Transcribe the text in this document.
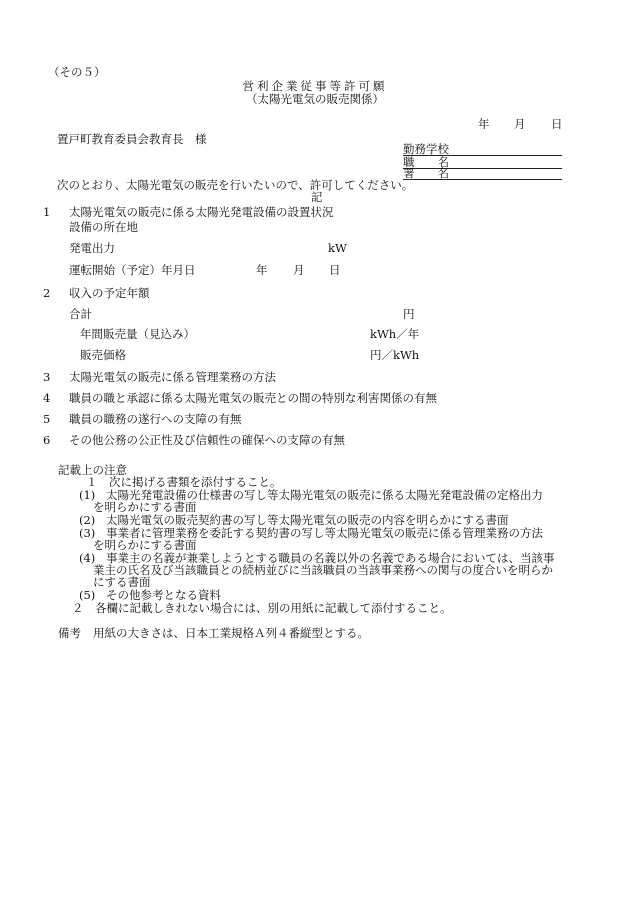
（その５）
営利企業従事等許可願
（太陽光電気の販売関係）
年 月 日
置戸町教育委員会教育長　様
勤務学校
職　　名
署　　名
次のとおり、太陽光電気の販売を行いたいので、許可してください。
記
1 太陽光電気の販売に係る太陽光発電設備の設置状況
設備の所在地
発電出力	kW
運転開始（予定）年月日	年 月 日
2 収入の予定年額
合計	円
年間販売量（見込み）	kWh／年
販売価格	円／kWh
3 太陽光電気の販売に係る管理業務の方法
4 職員の職と承認に係る太陽光電気の販売との間の特別な利害関係の有無
5 職員の職務の遂行への支障の有無
6 その他公務の公正性及び信頼性の確保への支障の有無
記載上の注意
１　次に掲げる書類を添付すること。
(1) 太陽光発電設備の仕様書の写し等太陽光電気の販売に係る太陽光発電設備の定格出力
を明らかにする書面
(2) 太陽光電気の販売契約書の写し等太陽光電気の販売の内容を明らかにする書面
(3) 事業者に管理業務を委託する契約書の写し等太陽光電気の販売に係る管理業務の方法
を明らかにする書面
(4) 事業主の名義が兼業しようとする職員の名義以外の名義である場合においては、当該事
業主の氏名及び当該職員との続柄並びに当該職員の当該事業務への関与の度合いを明らか
にする書面
(5) その他参考となる資料
２　各欄に記載しきれない場合には、別の用紙に記載して添付すること。
備考 用紙の大きさは、日本工業規格Ａ列４番縦型とする。
